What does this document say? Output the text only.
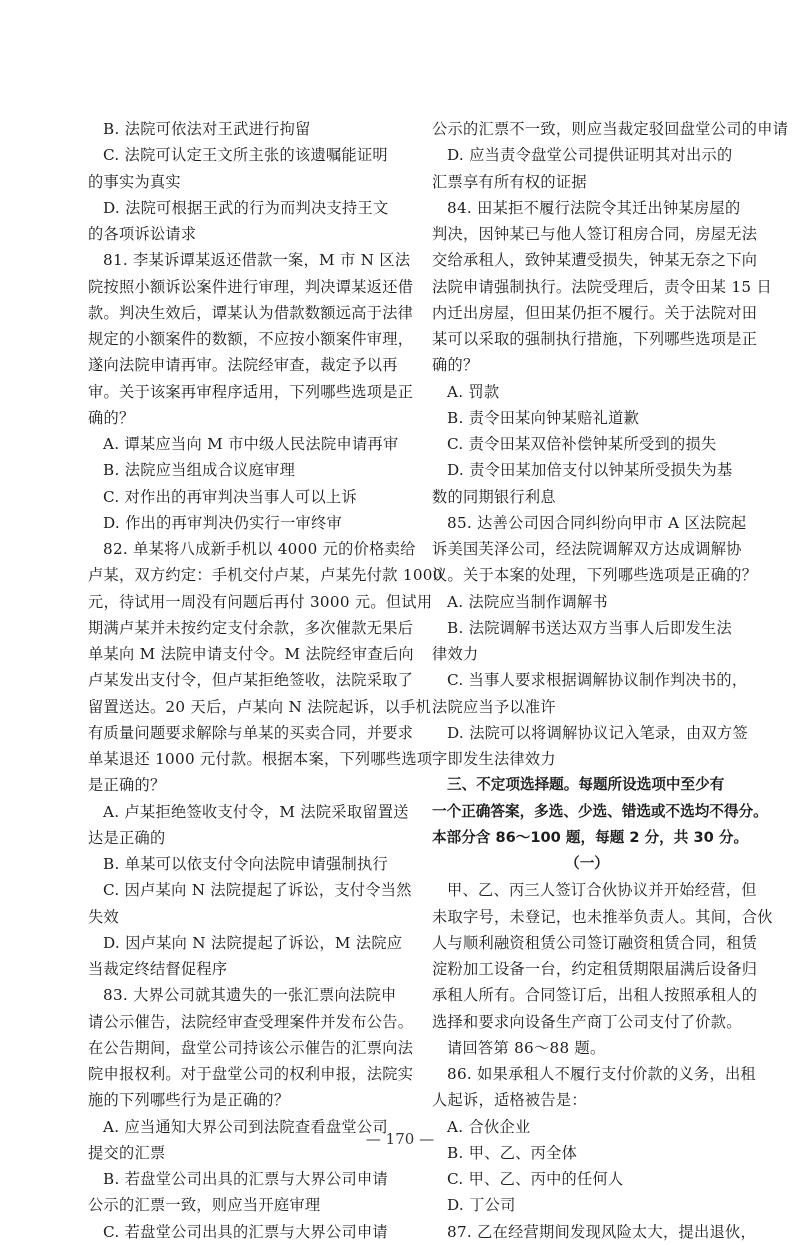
B. 法院可依法对王武进行拘留
C. 法院可认定王文所主张的该遗嘱能证明
的事实为真实
D. 法院可根据王武的行为而判决支持王文
的各项诉讼请求
81. 李某诉谭某返还借款一案，M 市 N 区法
院按照小额诉讼案件进行审理，判决谭某返还借
款。判决生效后，谭某认为借款数额远高于法律
规定的小额案件的数额，不应按小额案件审理，
遂向法院申请再审。法院经审查，裁定予以再
审。关于该案再审程序适用，下列哪些选项是正
确的？
A. 谭某应当向 M 市中级人民法院申请再审
B. 法院应当组成合议庭审理
C. 对作出的再审判决当事人可以上诉
D. 作出的再审判决仍实行一审终审
82. 单某将八成新手机以 4000 元的价格卖给
卢某，双方约定：手机交付卢某，卢某先付款 1000
元，待试用一周没有问题后再付 3000 元。但试用
期满卢某并未按约定支付余款，多次催款无果后
单某向 M 法院申请支付令。M 法院经审查后向
卢某发出支付令，但卢某拒绝签收，法院采取了
留置送达。20 天后，卢某向 N 法院起诉，以手机
有质量问题要求解除与单某的买卖合同，并要求
单某退还 1000 元付款。根据本案，下列哪些选项
是正确的？
A. 卢某拒绝签收支付令，M 法院采取留置送
达是正确的
B. 单某可以依支付令向法院申请强制执行
C. 因卢某向 N 法院提起了诉讼，支付令当然
失效
D. 因卢某向 N 法院提起了诉讼，M 法院应
当裁定终结督促程序
83. 大界公司就其遗失的一张汇票向法院申
请公示催告，法院经审查受理案件并发布公告。
在公告期间，盘堂公司持该公示催告的汇票向法
院申报权利。对于盘堂公司的权利申报，法院实
施的下列哪些行为是正确的？
A. 应当通知大界公司到法院查看盘堂公司
提交的汇票
B. 若盘堂公司出具的汇票与大界公司申请
公示的汇票一致，则应当开庭审理
C. 若盘堂公司出具的汇票与大界公司申请
公示的汇票不一致，则应当裁定驳回盘堂公司的申请
D. 应当责令盘堂公司提供证明其对出示的
汇票享有所有权的证据
84. 田某拒不履行法院令其迁出钟某房屋的
判决，因钟某已与他人签订租房合同，房屋无法
交给承租人，致钟某遭受损失，钟某无奈之下向
法院申请强制执行。法院受理后，责令田某 15 日
内迁出房屋，但田某仍拒不履行。关于法院对田
某可以采取的强制执行措施，下列哪些选项是正
确的？
A. 罚款
B. 责令田某向钟某赔礼道歉
C. 责令田某双倍补偿钟某所受到的损失
D. 责令田某加倍支付以钟某所受损失为基
数的同期银行利息
85. 达善公司因合同纠纷向甲市 A 区法院起
诉美国芙泽公司，经法院调解双方达成调解协
议。关于本案的处理，下列哪些选项是正确的？
A. 法院应当制作调解书
B. 法院调解书送达双方当事人后即发生法
律效力
C. 当事人要求根据调解协议制作判决书的，
法院应当予以准许
D. 法院可以将调解协议记入笔录，由双方签
字即发生法律效力
三、不定项选择题。每题所设选项中至少有
一个正确答案，多选、少选、错选或不选均不得分。
本部分含 86～100 题，每题 2 分，共 30 分。
（一）
甲、乙、丙三人签订合伙协议并开始经营，但
未取字号，未登记，也未推举负责人。其间，合伙
人与顺利融资租赁公司签订融资租赁合同，租赁
淀粉加工设备一台，约定租赁期限届满后设备归
承租人所有。合同签订后，出租人按照承租人的
选择和要求向设备生产商丁公司支付了价款。
请回答第 86～88 题。
86. 如果承租人不履行支付价款的义务，出租
人起诉，适格被告是：
A. 合伙企业
B. 甲、乙、丙全体
C. 甲、乙、丙中的任何人
D. 丁公司
87. 乙在经营期间发现风险太大，提出退伙，
— 170 —
